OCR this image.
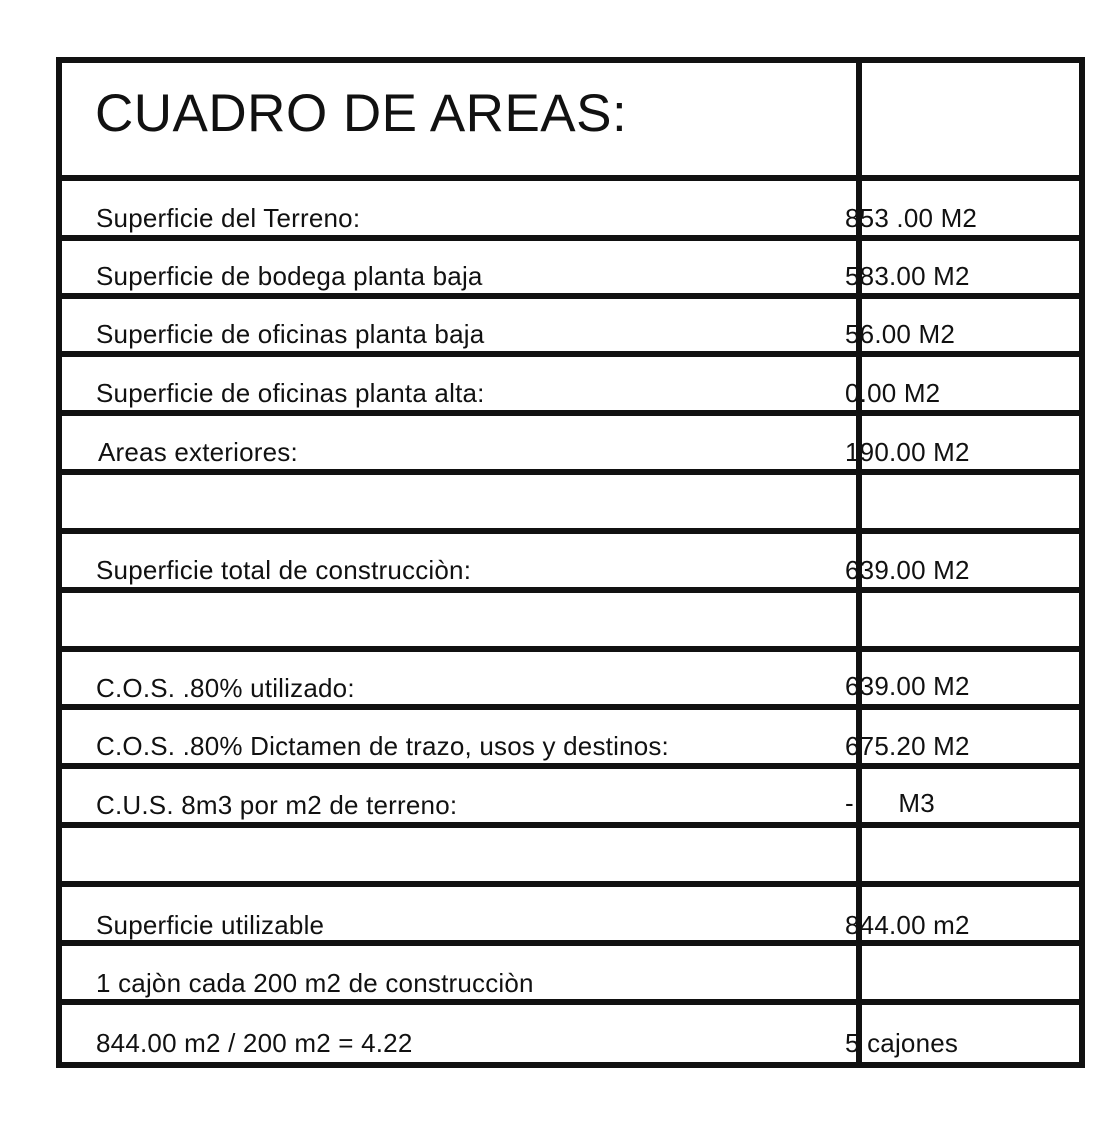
CUADRO DE AREAS:
Superficie del Terreno:	853 .00 M2
Superficie de bodega planta baja	583.00 M2
Superficie de oficinas planta baja	56.00 M2
Superficie de oficinas planta alta:	0.00 M2
Areas exteriores:	190.00 M2
Superficie total de construcciòn:	639.00 M2
C.O.S. .80% utilizado:	639.00 M2
C.O.S. .80% Dictamen de trazo, usos y destinos:	675.20 M2
C.U.S. 8m3 por m2 de terreno:	-      M3
Superficie utilizable	844.00 m2
1 cajòn cada 200 m2 de construcciòn
844.00 m2 / 200 m2 = 4.22	5 cajones
